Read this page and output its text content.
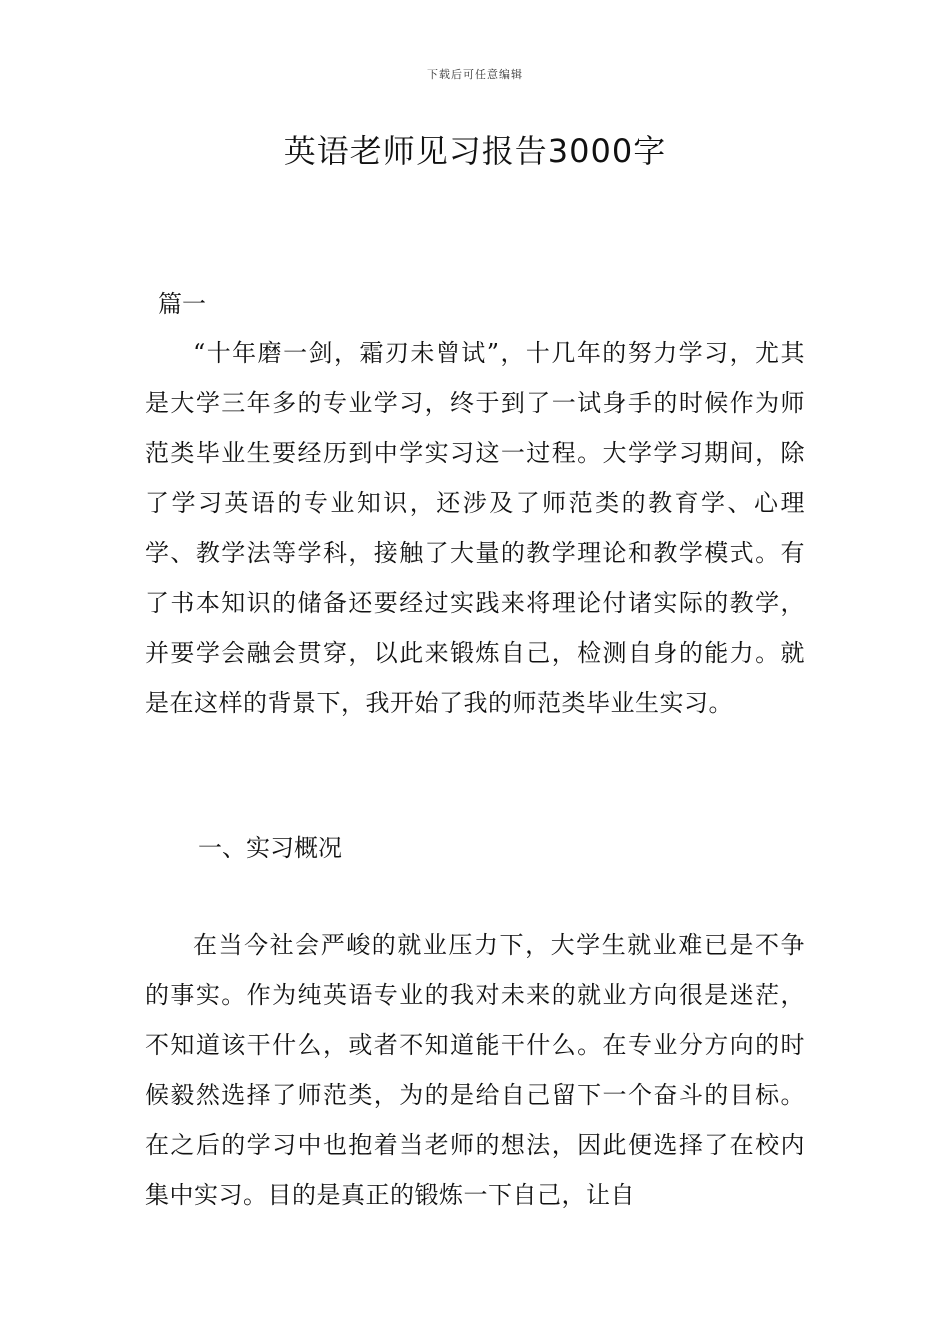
下载后可任意编辑
英语老师见习报告3000字
篇一

“十年磨一剑，霜刃未曾试”，十几年的努力学习，尤其是大学三年多的专业学习，终于到了一试身手的时候作为师范类毕业生要经历到中学实习这一过程。大学学习期间，除了学习英语的专业知识，还涉及了师范类的教育学、心理学、教学法等学科，接触了大量的教学理论和教学模式。有了书本知识的储备还要经过实践来将理论付诸实际的教学，并要学会融会贯穿，以此来锻炼自己，检测自身的能力。就是在这样的背景下，我开始了我的师范类毕业生实习。

一、实习概况

在当今社会严峻的就业压力下，大学生就业难已是不争的事实。作为纯英语专业的我对未来的就业方向很是迷茫，不知道该干什么，或者不知道能干什么。在专业分方向的时候毅然选择了师范类，为的是给自己留下一个奋斗的目标。在之后的学习中也抱着当老师的想法，因此便选择了在校内集中实习。目的是真正的锻炼一下自己，让自
